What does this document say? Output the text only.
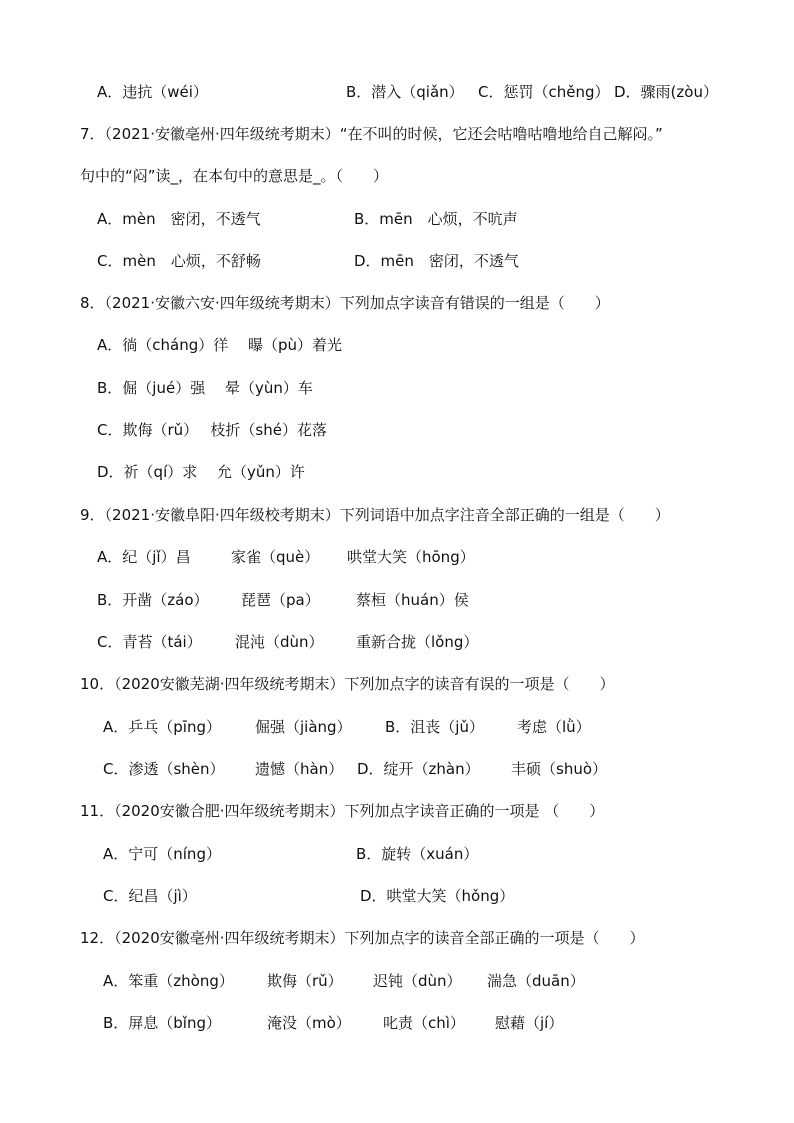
A．违抗（wéi）	B．潜入（qiǎn） C．惩罚（chěng） D．骤雨(zòu）
7．（2021·安徽亳州·四年级统考期末）“在不叫的时候，它还会咕噜咕噜地给自己解闷。”
句中的“闷”读_，在本句中的意思是_。（　　）
A．mèn　密闭，不透气	B．mēn　心烦，不吭声
C．mèn　心烦，不舒畅	D．mēn　密闭，不透气
8．（2021·安徽六安·四年级统考期末）下列加点字读音有错误的一组是（　　）
A．徜（cháng）徉　 曝（pù）着光
B．倔（jué）强　 晕（yùn）车
C．欺侮（rǔ）　 枝折（shé）花落
D．祈（qí）求　 允（yǔn）许
9．（2021·安徽阜阳·四年级校考期末）下列词语中加点字注音全部正确的一组是（　　）
A．纪（jǐ）昌	家雀（què） 哄堂大笑（hōng）
B．开凿（záo） 琵琶（pa） 蔡桓（huán）侯
C．青苔（tái） 混沌（dùn） 重新合拢（lǒng）
10．（2020安徽芜湖·四年级统考期末）下列加点字的读音有误的一项是（　　）
A．乒乓（pīng） 倔强（jiàng） B．沮丧（jǔ） 考虑（lǜ）
C．渗透（shèn） 遗憾（hàn） D．绽开（zhàn） 丰硕（shuò）
11．（2020安徽合肥·四年级统考期末）下列加点字读音正确的一项是 （　　）
A．宁可（níng）	B．旋转（xuán）
C．纪昌（jì）	D．哄堂大笑（hǒng）
12．（2020安徽亳州·四年级统考期末）下列加点字的读音全部正确的一项是（　　）
A．笨重（zhòng） 欺侮（rǔ） 迟钝（dùn） 湍急（duān）
B．屏息（bǐng）	淹没（mò） 叱责（chì） 慰藉（jí）
